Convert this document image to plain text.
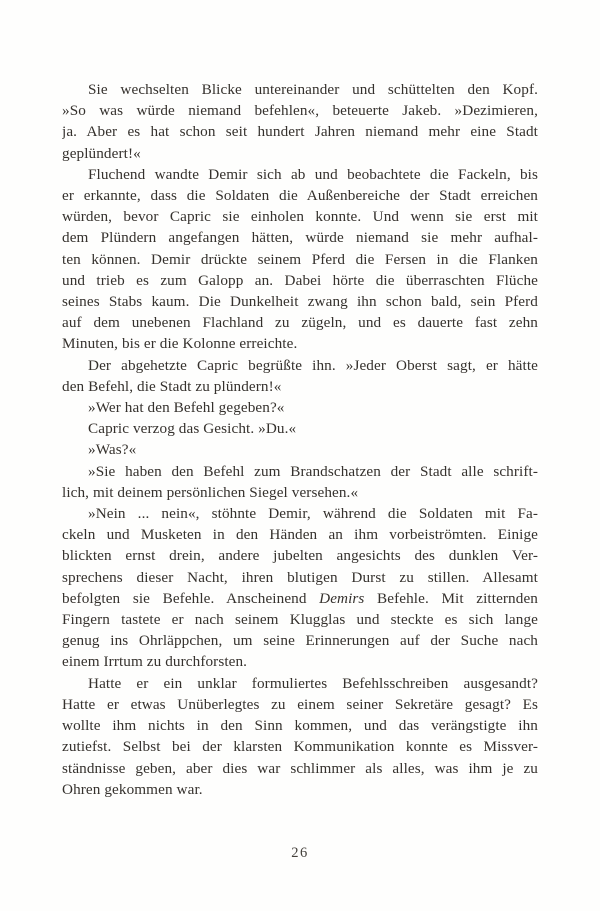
Sie wechselten Blicke untereinander und schüttelten den Kopf.
»So was würde niemand befehlen«, beteuerte Jakeb. »Dezimieren,
ja. Aber es hat schon seit hundert Jahren niemand mehr eine Stadt
geplündert!«
Fluchend wandte Demir sich ab und beobachtete die Fackeln, bis
er erkannte, dass die Soldaten die Außenbereiche der Stadt erreichen
würden, bevor Capric sie einholen konnte. Und wenn sie erst mit
dem Plündern angefangen hätten, würde niemand sie mehr aufhal-
ten können. Demir drückte seinem Pferd die Fersen in die Flanken
und trieb es zum Galopp an. Dabei hörte die überraschten Flüche
seines Stabs kaum. Die Dunkelheit zwang ihn schon bald, sein Pferd
auf dem unebenen Flachland zu zügeln, und es dauerte fast zehn
Minuten, bis er die Kolonne erreichte.
Der abgehetzte Capric begrüßte ihn. »Jeder Oberst sagt, er hätte
den Befehl, die Stadt zu plündern!«
»Wer hat den Befehl gegeben?«
Capric verzog das Gesicht. »Du.«
»Was?«
»Sie haben den Befehl zum Brandschatzen der Stadt alle schrift-
lich, mit deinem persönlichen Siegel versehen.«
»Nein ... nein«, stöhnte Demir, während die Soldaten mit Fa-
ckeln und Musketen in den Händen an ihm vorbeiströmten. Einige
blickten ernst drein, andere jubelten angesichts des dunklen Ver-
sprechens dieser Nacht, ihren blutigen Durst zu stillen. Allesamt
befolgten sie Befehle. Anscheinend Demirs Befehle. Mit zitternden
Fingern tastete er nach seinem Klugglas und steckte es sich lange
genug ins Ohrläppchen, um seine Erinnerungen auf der Suche nach
einem Irrtum zu durchforsten.
Hatte er ein unklar formuliertes Befehlsschreiben ausgesandt?
Hatte er etwas Unüberlegtes zu einem seiner Sekretäre gesagt? Es
wollte ihm nichts in den Sinn kommen, und das verängstigte ihn
zutiefst. Selbst bei der klarsten Kommunikation konnte es Missver-
ständnisse geben, aber dies war schlimmer als alles, was ihm je zu
Ohren gekommen war.
26
